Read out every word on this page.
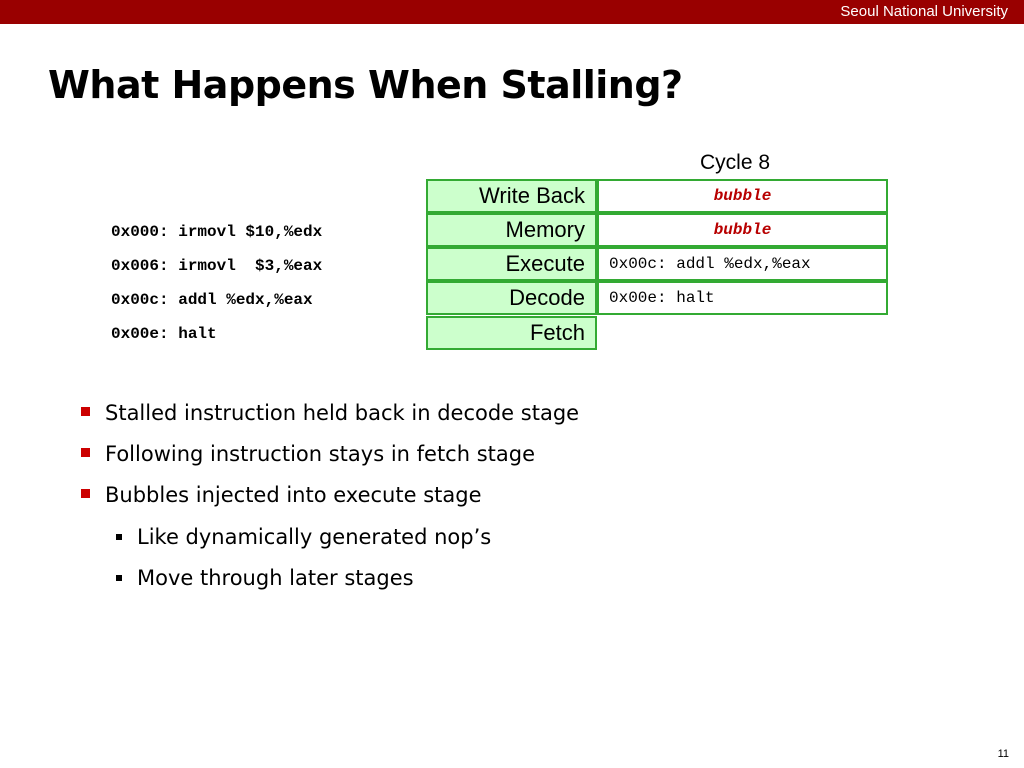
Seoul National University
What Happens When Stalling?
Cycle 8
0x000: irmovl $10,%edx
0x006: irmovl  $3,%eax
0x00c: addl %edx,%eax
0x00e: halt
Write Back
Memory
Execute
Decode
Fetch
bubble
bubble
0x00c: addl %edx,%eax
0x00e: halt
Stalled instruction held back in decode stage
Following instruction stays in fetch stage
Bubbles injected into execute stage
Like dynamically generated nop’s
Move through later stages
11
